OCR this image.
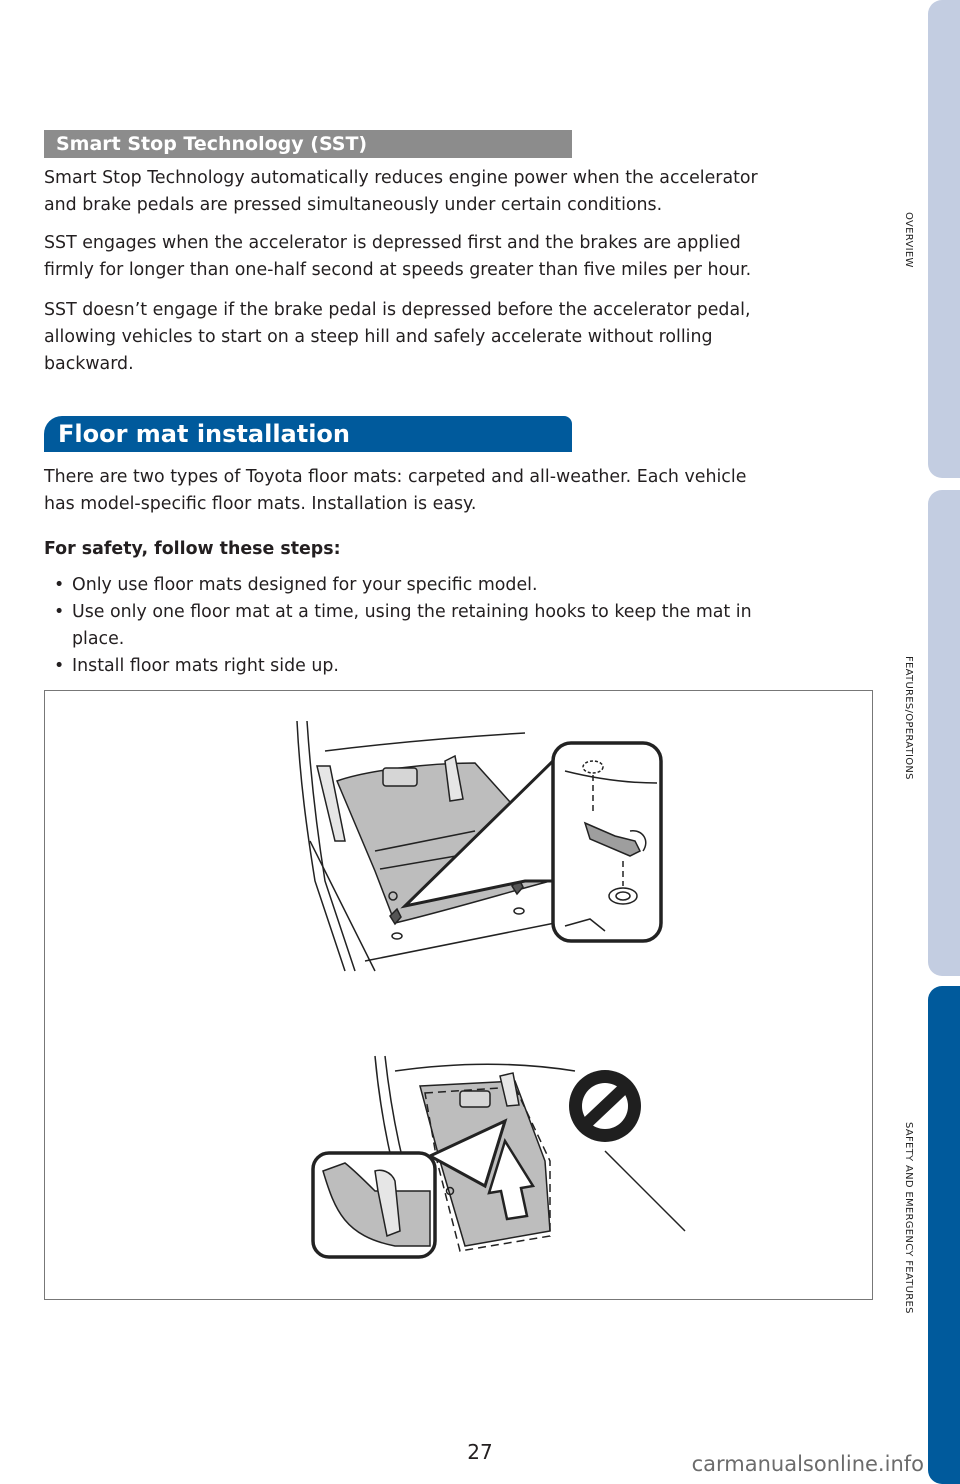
OVERVIEW
FEATURES/OPERATIONS
SAFETY AND EMERGENCY FEATURES
Smart Stop Technology (SST)

Smart Stop Technology automatically reduces engine power when the accelerator
and brake pedals are pressed simultaneously under certain conditions.

SST engages when the accelerator is depressed first and the brakes are applied
firmly for longer than one-half second at speeds greater than five miles per hour.

SST doesn’t engage if the brake pedal is depressed before the accelerator pedal,
allowing vehicles to start on a steep hill and safely accelerate without rolling
backward.

Floor mat installation

There are two types of Toyota floor mats: carpeted and all-weather. Each vehicle
has model-specific floor mats. Installation is easy.

For safety, follow these steps:

• Only use floor mats designed for your specific model.
• Use only one floor mat at a time, using the retaining hooks to keep the mat in
place.
• Install floor mats right side up.
27	carmanualsonline.info
